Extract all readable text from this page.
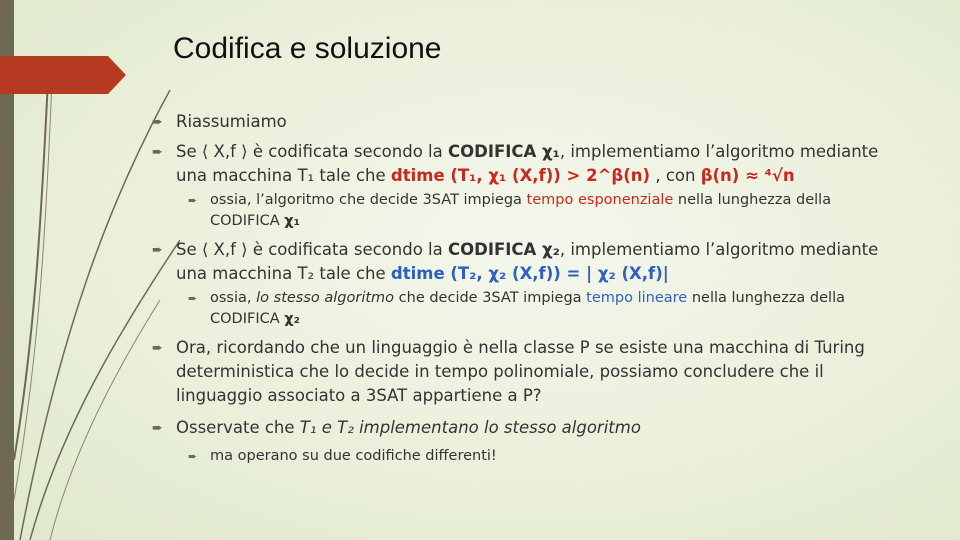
Codifica e soluzione
➨ Riassumiamo
➨ Se ⟨ X,f ⟩ è codificata secondo la CODIFICA χ₁, implementiamo l’algoritmo mediante una macchina T₁ tale che dtime (T₁, χ₁ (X,f)) > 2^β(n) , con β(n) ≈ ⁴√n
➨ ossia, l’algoritmo che decide 3SAT impiega tempo esponenziale nella lunghezza della CODIFICA χ₁
➨ Se ⟨ X,f ⟩ è codificata secondo la CODIFICA χ₂, implementiamo l’algoritmo mediante una macchina T₂ tale che dtime (T₂, χ₂ (X,f)) = | χ₂ (X,f)|
➨ ossia, lo stesso algoritmo che decide 3SAT impiega tempo lineare nella lunghezza della CODIFICA χ₂
➨ Ora, ricordando che un linguaggio è nella classe P se esiste una macchina di Turing deterministica che lo decide in tempo polinomiale, possiamo concludere che il linguaggio associato a 3SAT appartiene a P?
➨ Osservate che T₁ e T₂ implementano lo stesso algoritmo
➨ ma operano su due codifiche differenti!
